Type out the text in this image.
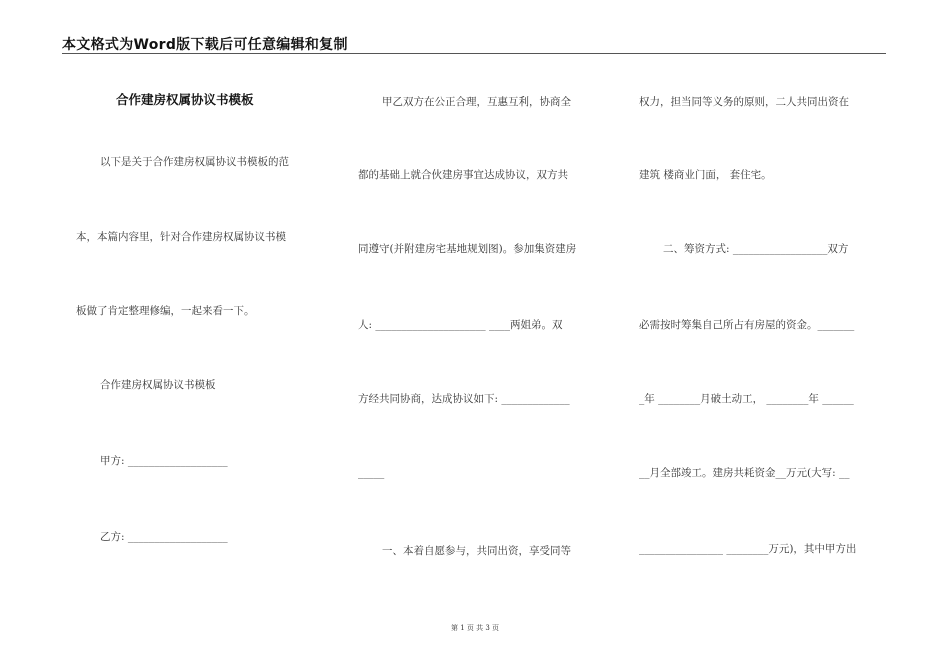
本文格式为Word版下载后可任意编辑和复制
合作建房权属协议书模板
以下是关于合作建房权属协议书模板的范
本，本篇内容里，针对合作建房权属协议书模
板做了肯定整理修编，一起来看一下。
合作建房权属协议书模板
甲方: ___________________
乙方: ___________________
甲乙双方在公正合理，互惠互利，协商全
都的基础上就合伙建房事宜达成协议，双方共
同遵守(并附建房宅基地规划图)。参加集资建房
人: _____________________ ____两姐弟。双
方经共同协商，达成协议如下: _____________
_____
一、本着自愿参与，共同出资，享受同等
权力，担当同等义务的原则，二人共同出资在
建筑 楼商业门面， 套住宅。
二、筹资方式: __________________双方
必需按时筹集自己所占有房屋的资金。_______
_年 ________月破土动工， ________年 ______
__月全部竣工。建房共耗资金__万元(大写: __
________________ ________万元)，其中甲方出
第 1 页 共 3 页
